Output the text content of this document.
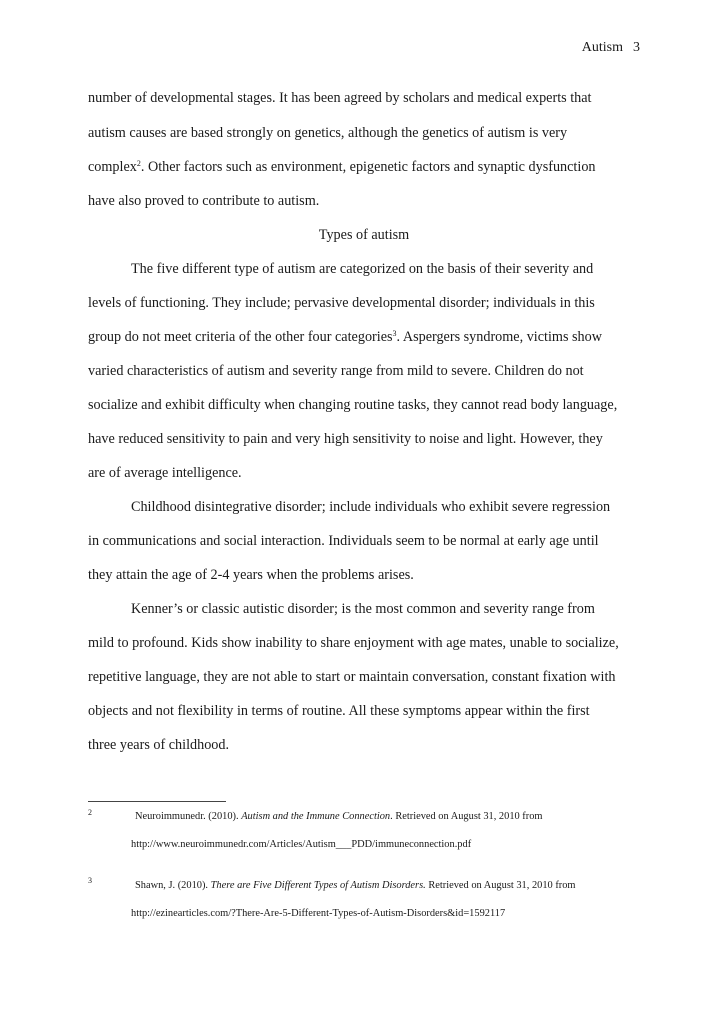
Autism 3
number of developmental stages. It has been agreed by scholars and medical experts that
autism causes are based strongly on genetics, although the genetics of autism is very
complex$^2$. Other factors such as environment, epigenetic factors and synaptic dysfunction
have also proved to contribute to autism.
Types of autism
The five different type of autism are categorized on the basis of their severity and
levels of functioning. They include; pervasive developmental disorder; individuals in this
group do not meet criteria of the other four categories$^3$. Aspergers syndrome, victims show
varied characteristics of autism and severity range from mild to severe. Children do not
socialize and exhibit difficulty when changing routine tasks, they cannot read body language,
have reduced sensitivity to pain and very high sensitivity to noise and light. However, they
are of average intelligence.
Childhood disintegrative disorder; include individuals who exhibit severe regression
in communications and social interaction. Individuals seem to be normal at early age until
they attain the age of 2-4 years when the problems arises.
Kenner’s or classic autistic disorder; is the most common and severity range from
mild to profound. Kids show inability to share enjoyment with age mates, unable to socialize,
repetitive language, they are not able to start or maintain conversation, constant fixation with
objects and not flexibility in terms of routine. All these symptoms appear within the first
three years of childhood.
2	Neuroimmunedr. (2010). Autism and the Immune Connection. Retrieved on August 31, 2010 from
http://www.neuroimmunedr.com/Articles/Autism___PDD/immuneconnection.pdf
3	Shawn, J. (2010). There are Five Different Types of Autism Disorders. Retrieved on August 31, 2010 from
http://ezinearticles.com/?There-Are-5-Different-Types-of-Autism-Disorders&id=1592117
